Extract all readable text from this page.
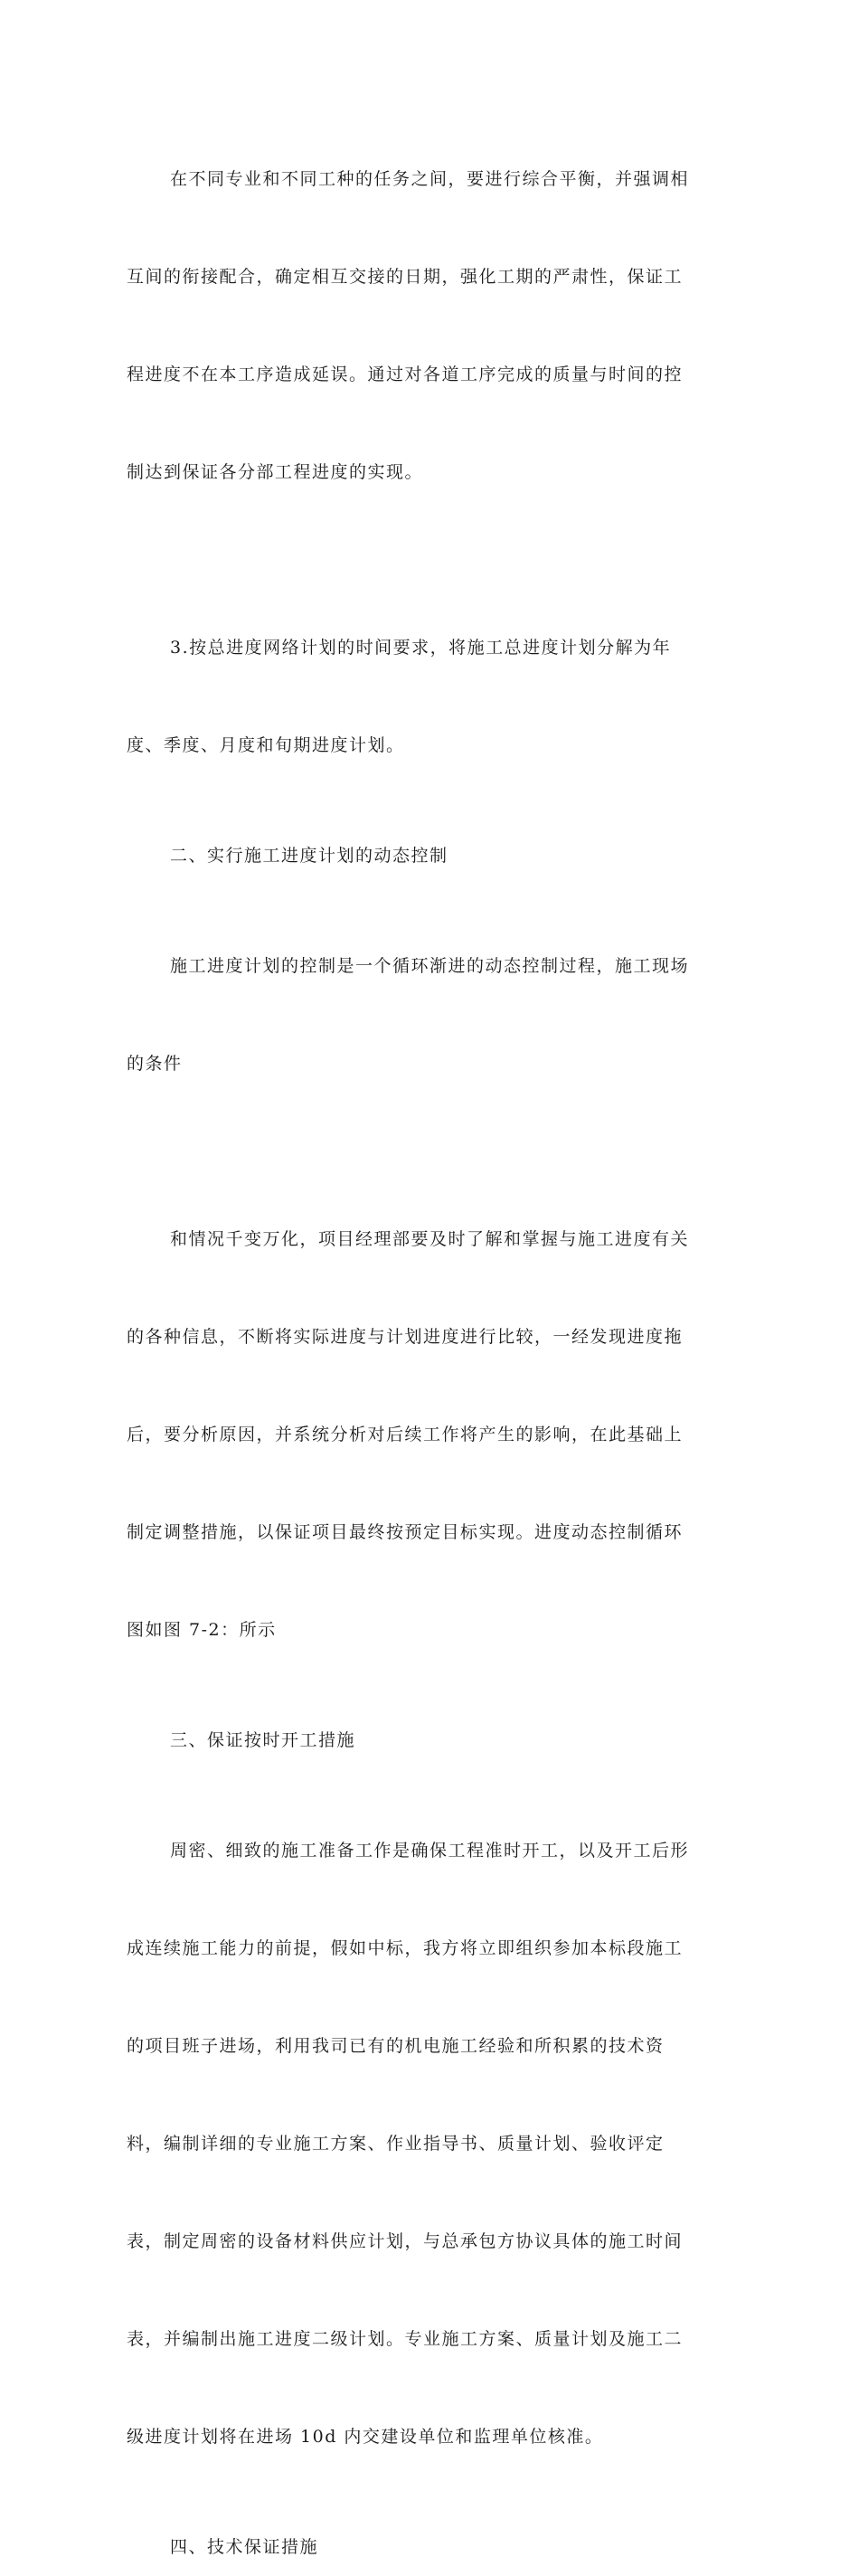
在不同专业和不同工种的任务之间，要进行综合平衡，并强调相

互间的衔接配合，确定相互交接的日期，强化工期的严肃性，保证工

程进度不在本工序造成延误。通过对各道工序完成的质量与时间的控

制达到保证各分部工程进度的实现。

3.按总进度网络计划的时间要求，将施工总进度计划分解为年

度、季度、月度和旬期进度计划。

二、实行施工进度计划的动态控制

施工进度计划的控制是一个循环渐进的动态控制过程，施工现场

的条件

和情况千变万化，项目经理部要及时了解和掌握与施工进度有关

的各种信息，不断将实际进度与计划进度进行比较，一经发现进度拖

后，要分析原因，并系统分析对后续工作将产生的影响，在此基础上

制定调整措施，以保证项目最终按预定目标实现。进度动态控制循环

图如图 7-2：所示

三、保证按时开工措施

周密、细致的施工准备工作是确保工程准时开工，以及开工后形

成连续施工能力的前提，假如中标，我方将立即组织参加本标段施工

的项目班子进场，利用我司已有的机电施工经验和所积累的技术资

料，编制详细的专业施工方案、作业指导书、质量计划、验收评定

表，制定周密的设备材料供应计划，与总承包方协议具体的施工时间

表，并编制出施工进度二级计划。专业施工方案、质量计划及施工二

级进度计划将在进场 10d 内交建设单位和监理单位核准。

四、技术保证措施
